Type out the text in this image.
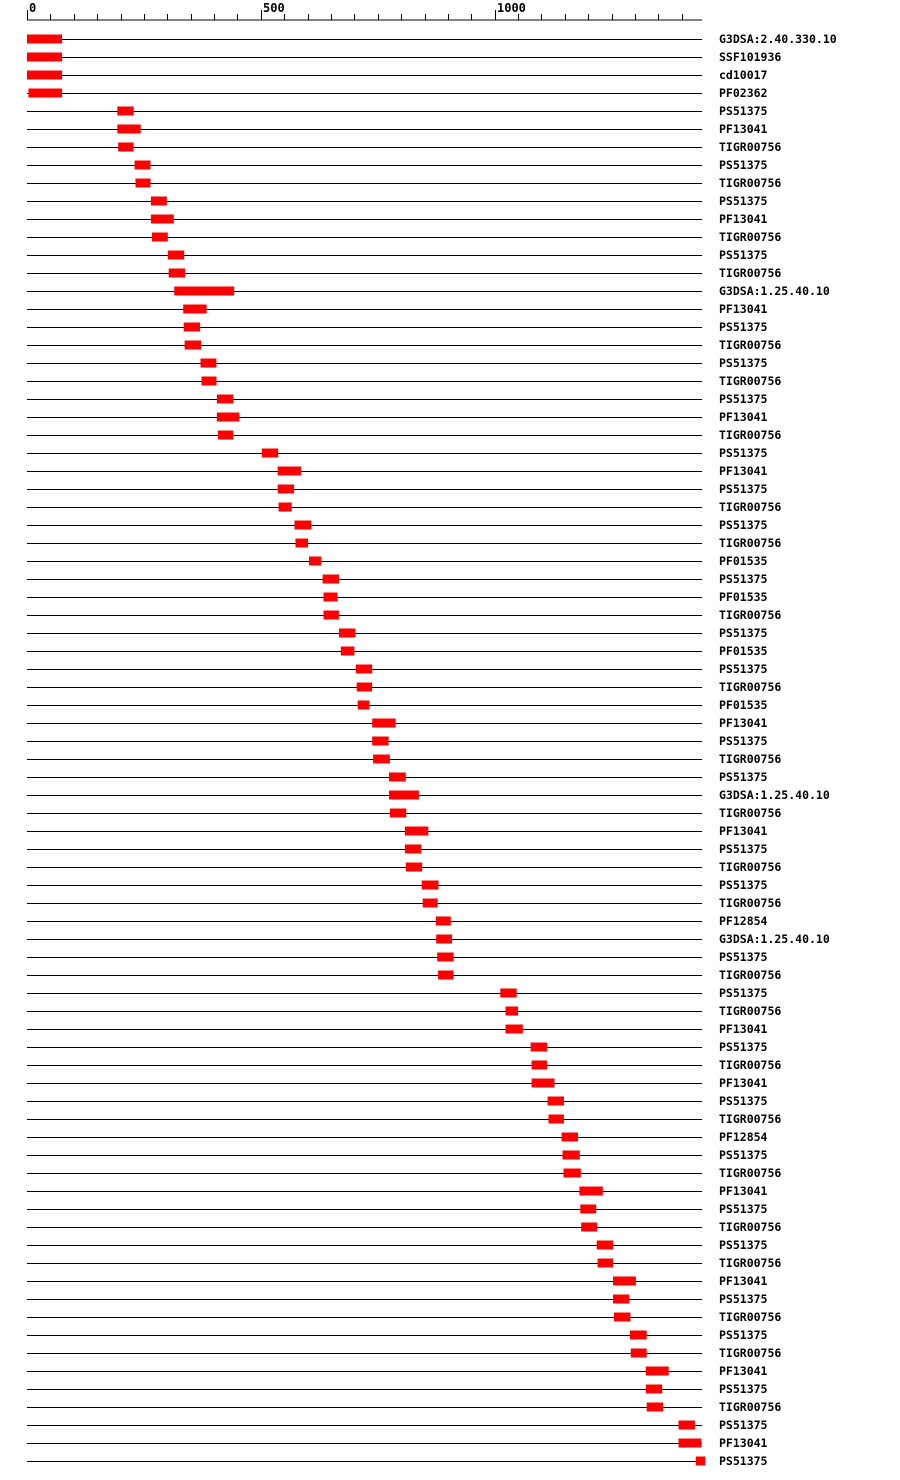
0	500	1000
G3DSA:2.40.330.10
SSF101936
cd10017
PF02362
PS51375
PF13041
TIGR00756
PS51375
TIGR00756
PS51375
PF13041
TIGR00756
PS51375
TIGR00756
G3DSA:1.25.40.10
PF13041
PS51375
TIGR00756
PS51375
TIGR00756
PS51375
PF13041
TIGR00756
PS51375
PF13041
PS51375
TIGR00756
PS51375
TIGR00756
PF01535
PS51375
PF01535
TIGR00756
PS51375
PF01535
PS51375
TIGR00756
PF01535
PF13041
PS51375
TIGR00756
PS51375
G3DSA:1.25.40.10
TIGR00756
PF13041
PS51375
TIGR00756
PS51375
TIGR00756
PF12854
G3DSA:1.25.40.10
PS51375
TIGR00756
PS51375
TIGR00756
PF13041
PS51375
TIGR00756
PF13041
PS51375
TIGR00756
PF12854
PS51375
TIGR00756
PF13041
PS51375
TIGR00756
PS51375
TIGR00756
PF13041
PS51375
TIGR00756
PS51375
TIGR00756
PF13041
PS51375
TIGR00756
PS51375
PF13041
PS51375
